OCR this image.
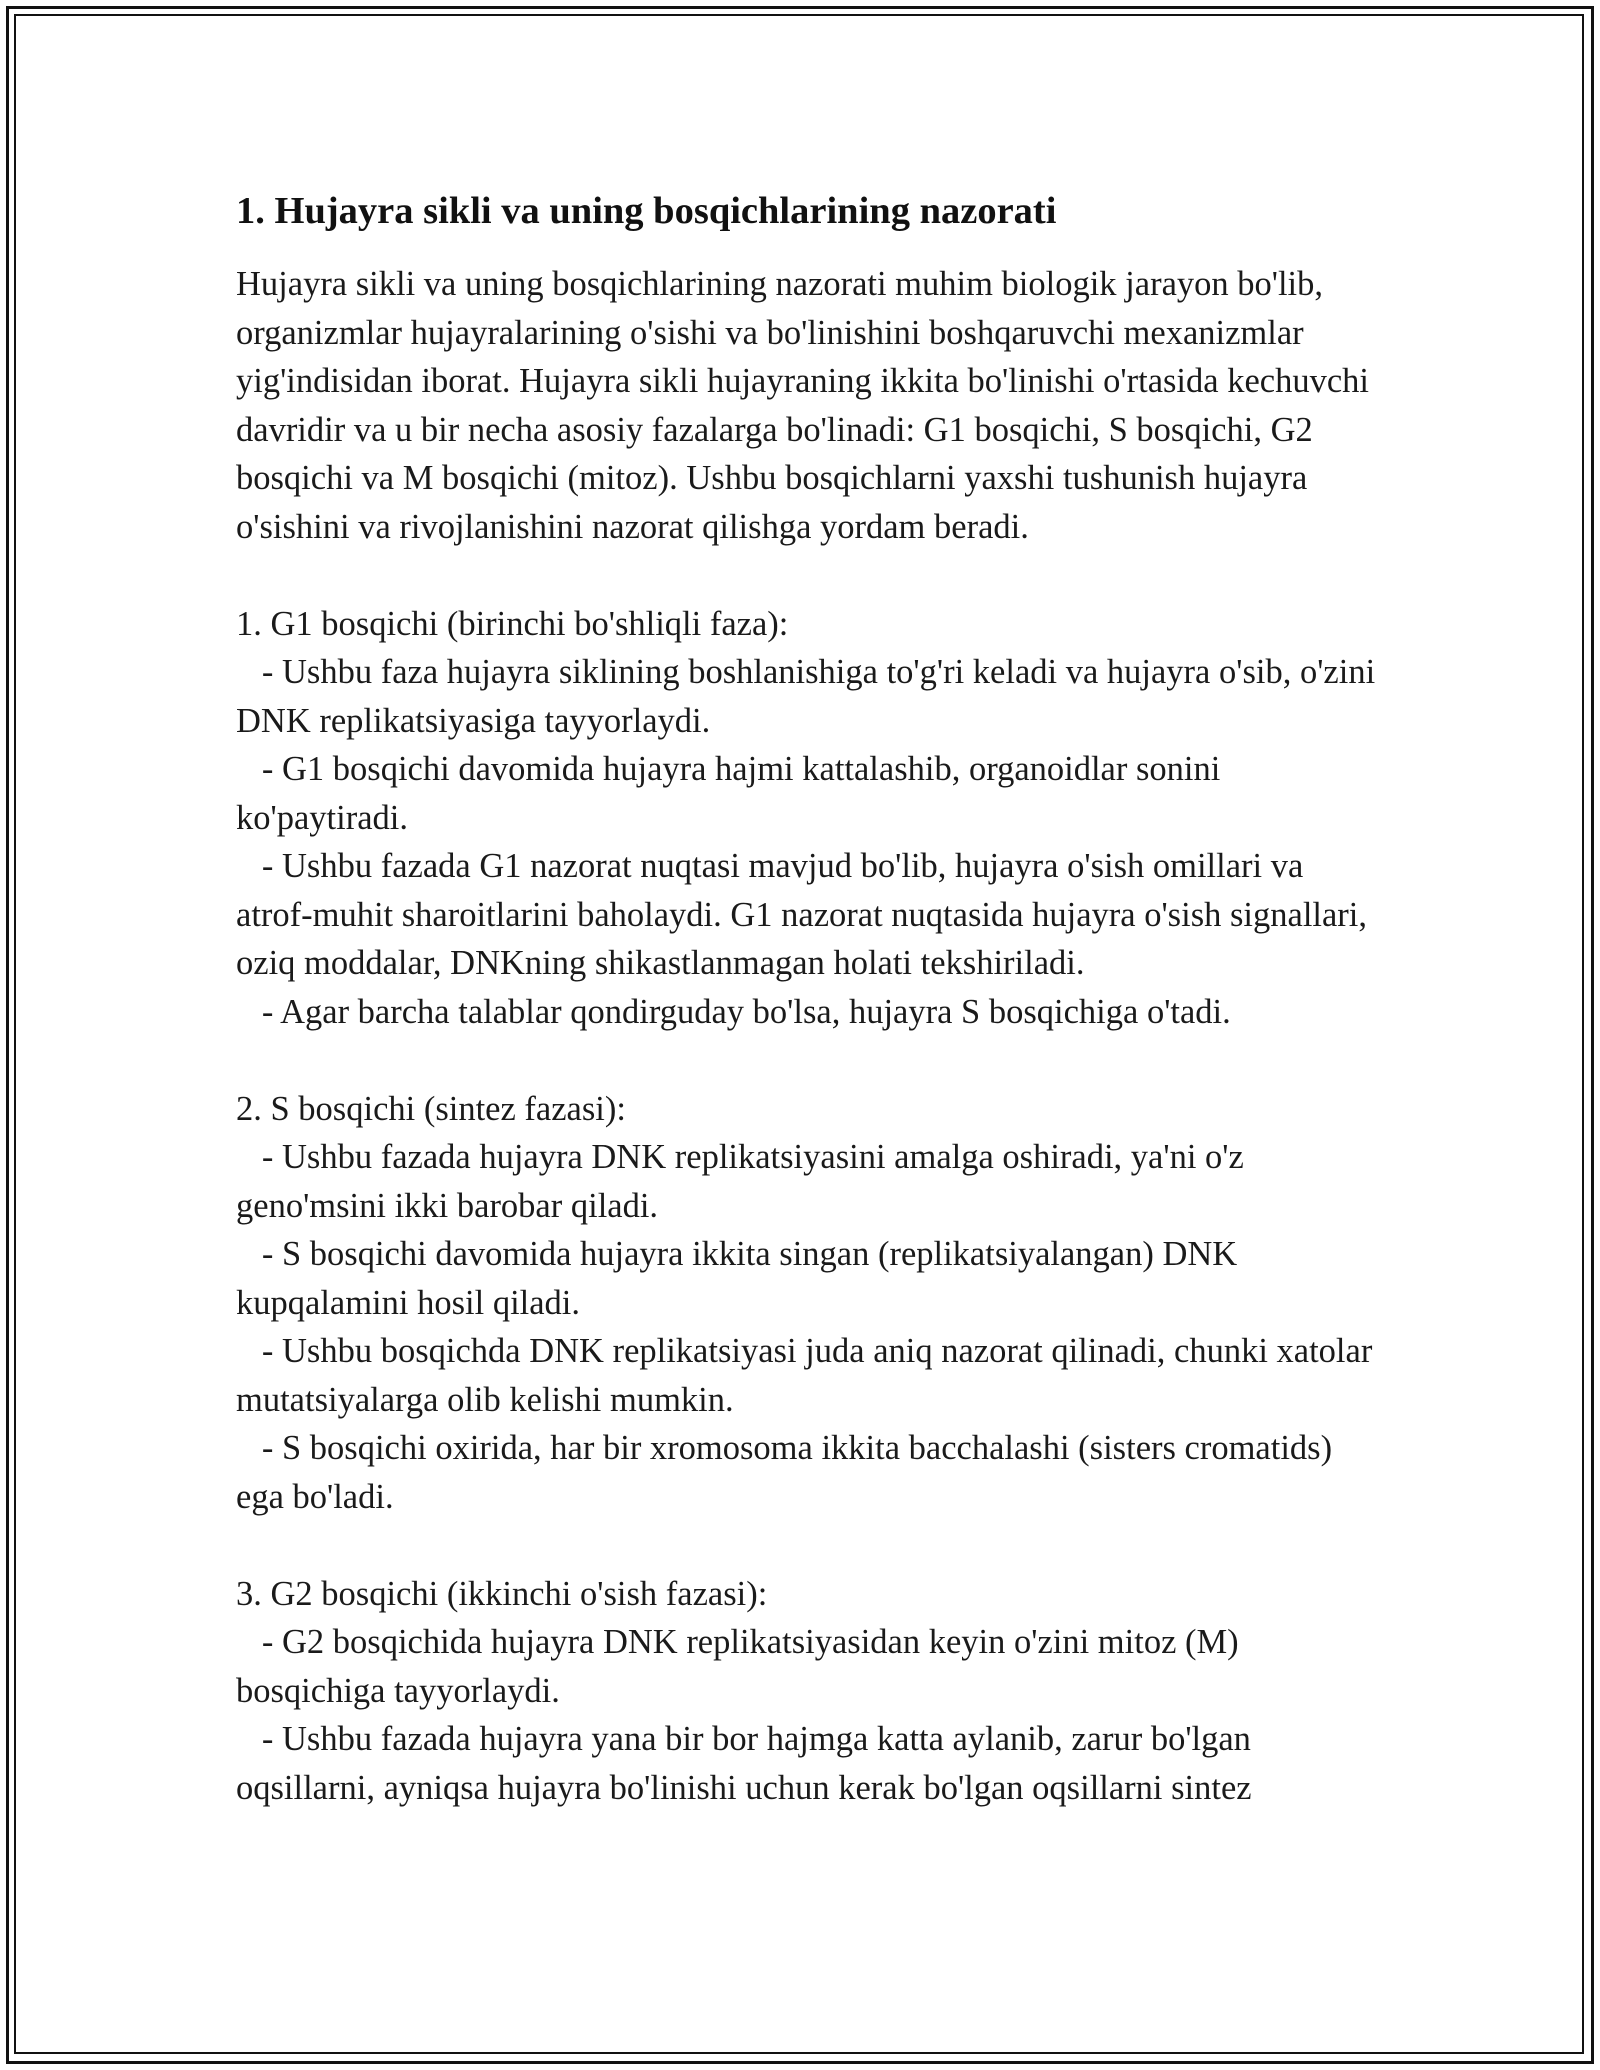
1. Hujayra sikli va uning bosqichlarining nazorati

Hujayra sikli va uning bosqichlarining nazorati muhim biologik jarayon bo'lib, organizmlar hujayralarining o'sishi va bo'linishini boshqaruvchi mexanizmlar yig'indisidan iborat. Hujayra sikli hujayraning ikkita bo'linishi o'rtasida kechuvchi davridir va u bir necha asosiy fazalarga bo'linadi: G1 bosqichi, S bosqichi, G2 bosqichi va M bosqichi (mitoz). Ushbu bosqichlarni yaxshi tushunish hujayra o'sishini va rivojlanishini nazorat qilishga yordam beradi.

1. G1 bosqichi (birinchi bo'shliqli faza):
- Ushbu faza hujayra siklining boshlanishiga to'g'ri keladi va hujayra o'sib, o'zini DNK replikatsiyasiga tayyorlaydi.
- G1 bosqichi davomida hujayra hajmi kattalashib, organoidlar sonini ko'paytiradi.
- Ushbu fazada G1 nazorat nuqtasi mavjud bo'lib, hujayra o'sish omillari va atrof-muhit sharoitlarini baholaydi. G1 nazorat nuqtasida hujayra o'sish signallari, oziq moddalar, DNKning shikastlanmagan holati tekshiriladi.
- Agar barcha talablar qondirguday bo'lsa, hujayra S bosqichiga o'tadi.

2. S bosqichi (sintez fazasi):
- Ushbu fazada hujayra DNK replikatsiyasini amalga oshiradi, ya'ni o'z geno'msini ikki barobar qiladi.
- S bosqichi davomida hujayra ikkita singan (replikatsiyalangan) DNK kupqalamini hosil qiladi.
- Ushbu bosqichda DNK replikatsiyasi juda aniq nazorat qilinadi, chunki xatolar mutatsiyalarga olib kelishi mumkin.
- S bosqichi oxirida, har bir xromosoma ikkita bacchalashi (sisters cromatids) ega bo'ladi.

3. G2 bosqichi (ikkinchi o'sish fazasi):
- G2 bosqichida hujayra DNK replikatsiyasidan keyin o'zini mitoz (M) bosqichiga tayyorlaydi.
- Ushbu fazada hujayra yana bir bor hajmga katta aylanib, zarur bo'lgan oqsillarni, ayniqsa hujayra bo'linishi uchun kerak bo'lgan oqsillarni sintez
